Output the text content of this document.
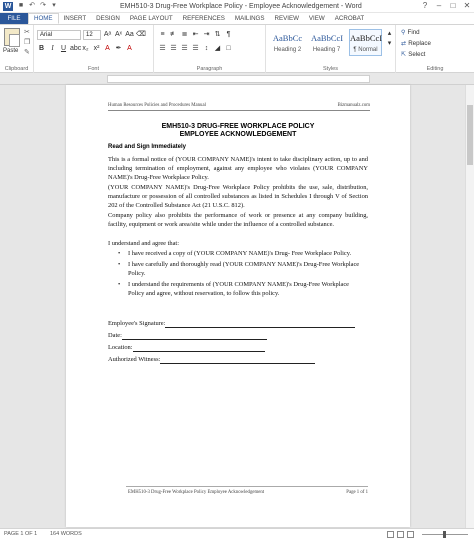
W ■ ↶ ↷ ▾	EMH510-3 Drug-Free Workplace Policy - Employee Acknowledgement - Word	?	–	□	✕
FILE	HOME	INSERT	DESIGN	PAGE LAYOUT	REFERENCES	MAILINGS	REVIEW	VIEW	ACROBAT
Paste
✂
❐
✎
Clipboard
Arial	12	Aᵃ Aˣ Aa ⌫
B	I	U abc x₂ x² A ✒ A
Font
≡ ≢ ≣ ⇤ ⇥ ⇅ ¶
☰ ☰ ☰ ☰ ↕ ◢ □
Paragraph
AaBbCc
Heading 2
AaBbCcI
Heading 7
AaBbCcI
¶ Normal
▴
▾
Styles
⚲ Find
⇄ Replace
⇱ Select
Editing
Human Resources Policies and Procedures Manual	Bizmanualz.com
EMH510-3 DRUG-FREE WORKPLACE POLICY
EMPLOYEE ACKNOWLEDGEMENT
Read and Sign Immediately
This is a formal notice of (YOUR COMPANY NAME)'s intent to take disciplinary action, up to and including termination of employment, against any employee who violates (YOUR COMPANY NAME)'s Drug-Free Workplace Policy.
(YOUR COMPANY NAME)'s Drug-Free Workplace Policy prohibits the use, sale, distribution, manufacture or possession of all controlled substances as listed in Schedules I through V of Section 202 of the Controlled Substance Act (21 U.S.C. 812).
Company policy also prohibits the performance of work or presence at any company building, facility, equipment or work area/site while under the influence of a controlled substance.
I understand and agree that:
• I have received a copy of (YOUR COMPANY NAME)'s Drug- Free Workplace Policy.
• I have carefully and thoroughly read (YOUR COMPANY NAME)'s Drug-Free Workplace Policy.
• I understand the requirements of (YOUR COMPANY NAME)'s Drug-Free Workplace Policy and agree, without reservation, to follow this policy.
Employee's Signature:
Date:
Location:
Authorized Witness:
EMH510-3 Drug-Free Workplace Policy Employee Acknowledgement	Page 1 of 1
PAGE 1 OF 1 164 WORDS
